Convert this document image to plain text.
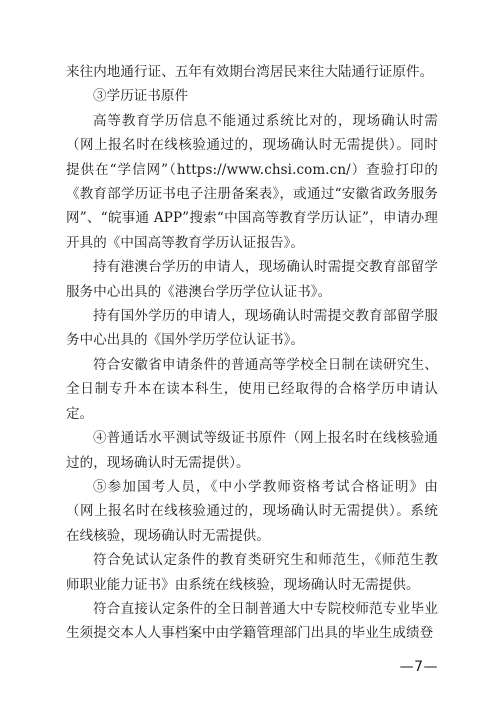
来往内地通行证、五年有效期台湾居民来往大陆通行证原件。

③学历证书原件

高等教育学历信息不能通过系统比对的，现场确认时需（网上报名时在线核验通过的，现场确认时无需提供）。同时提供在“学信网”（https://www.chsi.com.cn/）查验打印的《教育部学历证书电子注册备案表》，或通过“安徽省政务服务网”、“皖事通 APP”搜索“中国高等教育学历认证”，申请办理开具的《中国高等教育学历认证报告》。

持有港澳台学历的申请人，现场确认时需提交教育部留学服务中心出具的《港澳台学历学位认证书》。

持有国外学历的申请人，现场确认时需提交教育部留学服务中心出具的《国外学历学位认证书》。

符合安徽省申请条件的普通高等学校全日制在读研究生、全日制专升本在读本科生，使用已经取得的合格学历申请认定。

④普通话水平测试等级证书原件（网上报名时在线核验通过的，现场确认时无需提供）。

⑤参加国考人员，《中小学教师资格考试合格证明》由（网上报名时在线核验通过的，现场确认时无需提供）。系统在线核验，现场确认时无需提供。

符合免试认定条件的教育类研究生和师范生，《师范生教师职业能力证书》由系统在线核验，现场确认时无需提供。

符合直接认定条件的全日制普通大中专院校师范专业毕业生须提交本人人事档案中由学籍管理部门出具的毕业生成绩登

—7—
